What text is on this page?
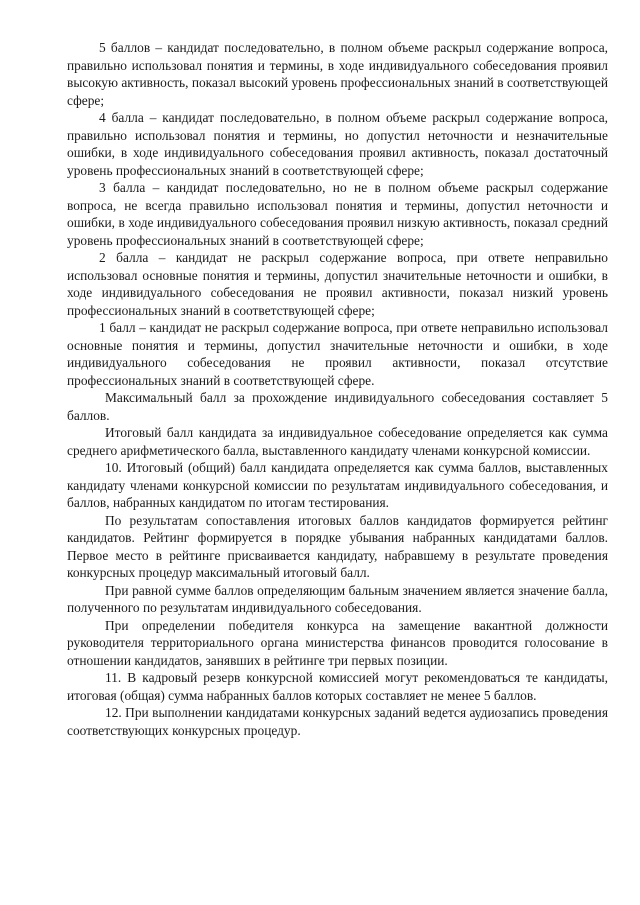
5 баллов – кандидат последовательно, в полном объеме раскрыл содержание вопроса, правильно использовал понятия и термины, в ходе индивидуального собеседования проявил высокую активность, показал высокий уровень профессиональных знаний в соответствующей сфере;

4 балла – кандидат последовательно, в полном объеме раскрыл содержание вопроса, правильно использовал понятия и термины, но допустил неточности и незначительные ошибки, в ходе индивидуального собеседования проявил активность, показал достаточный уровень профессиональных знаний в соответствующей сфере;

3 балла – кандидат последовательно, но не в полном объеме раскрыл содержание вопроса, не всегда правильно использовал понятия и термины, допустил неточности и ошибки, в ходе индивидуального собеседования проявил низкую активность, показал средний уровень профессиональных знаний в соответствующей сфере;

2 балла – кандидат не раскрыл содержание вопроса, при ответе неправильно использовал основные понятия и термины, допустил значительные неточности и ошибки, в ходе индивидуального собеседования не проявил активности, показал низкий уровень профессиональных знаний в соответствующей сфере;

1 балл – кандидат не раскрыл содержание вопроса, при ответе неправильно использовал основные понятия и термины, допустил значительные неточности и ошибки, в ходе индивидуального собеседования не проявил активности, показал отсутствие профессиональных знаний в соответствующей сфере.

Максимальный балл за прохождение индивидуального собеседования составляет 5 баллов.

Итоговый балл кандидата за индивидуальное собеседование определяется как сумма среднего арифметического балла, выставленного кандидату членами конкурсной комиссии.

10. Итоговый (общий) балл кандидата определяется как сумма баллов, выставленных кандидату членами конкурсной комиссии по результатам индивидуального собеседования, и баллов, набранных кандидатом по итогам тестирования.

По результатам сопоставления итоговых баллов кандидатов формируется рейтинг кандидатов. Рейтинг формируется в порядке убывания набранных кандидатами баллов. Первое место в рейтинге присваивается кандидату, набравшему в результате проведения конкурсных процедур максимальный итоговый балл.

При равной сумме баллов определяющим бальным значением является значение балла, полученного по результатам индивидуального собеседования.

При определении победителя конкурса на замещение вакантной должности руководителя территориального органа министерства финансов проводится голосование в отношении кандидатов, занявших в рейтинге три первых позиции.

11. В кадровый резерв конкурсной комиссией могут рекомендоваться те кандидаты, итоговая (общая) сумма набранных баллов которых составляет не менее 5 баллов.

12. При выполнении кандидатами конкурсных заданий ведется аудиозапись проведения соответствующих конкурсных процедур.
